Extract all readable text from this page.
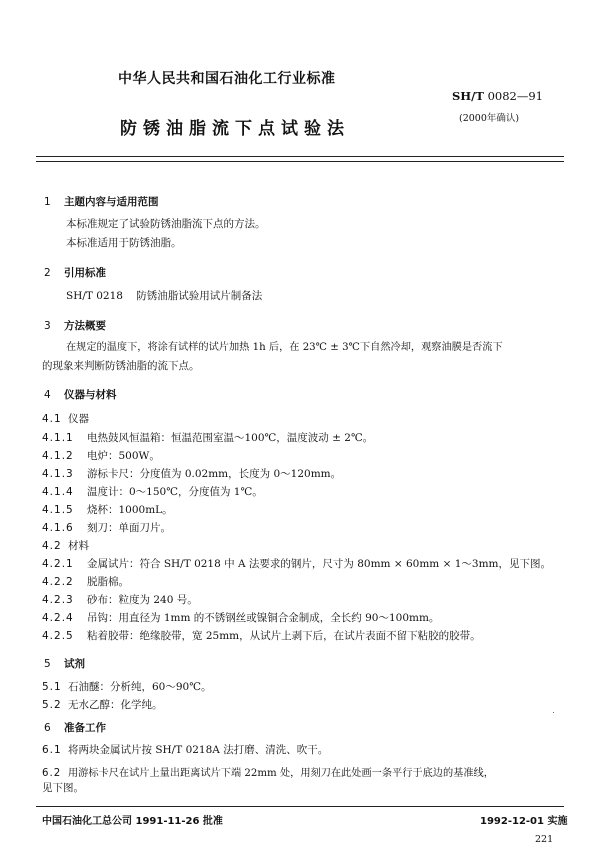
中华人民共和国石油化工行业标准
SH/T 0082—91
防锈油脂流下点试验法
(2000年确认)
1 主题内容与适用范围
本标准规定了试验防锈油脂流下点的方法。
本标准适用于防锈油脂。
2 引用标准
SH/T 0218    防锈油脂试验用试片制备法
3 方法概要
在规定的温度下，将涂有试样的试片加热 1h 后，在 23℃ ± 3℃下自然冷却，观察油膜是否流下
的现象来判断防锈油脂的流下点。
4 仪器与材料
4.1 仪器
4.1.1 电热鼓风恒温箱：恒温范围室温～100℃，温度波动 ± 2℃。
4.1.2 电炉：500W。
4.1.3 游标卡尺：分度值为 0.02mm，长度为 0～120mm。
4.1.4 温度计：0～150℃，分度值为 1℃。
4.1.5 烧杯：1000mL。
4.1.6 刻刀：单面刀片。
4.2 材料
4.2.1 金属试片：符合 SH/T 0218 中 A 法要求的钢片，尺寸为 80mm × 60mm × 1～3mm，见下图。
4.2.2 脱脂棉。
4.2.3 砂布：粒度为 240 号。
4.2.4 吊钩：用直径为 1mm 的不锈钢丝或镍铜合金制成，全长约 90～100mm。
4.2.5 粘着胶带：绝缘胶带，宽 25mm，从试片上剥下后，在试片表面不留下粘胶的胶带。
5 试剂
5.1 石油醚：分析纯，60～90℃。
5.2 无水乙醇：化学纯。
6 准备工作
6.1 将两块金属试片按 SH/T 0218A 法打磨、清洗、吹干。
6.2 用游标卡尺在试片上量出距离试片下端 22mm 处，用刻刀在此处画一条平行于底边的基准线，
见下图。
中国石油化工总公司 1991-11-26 批准	1992-12-01 实施
221
